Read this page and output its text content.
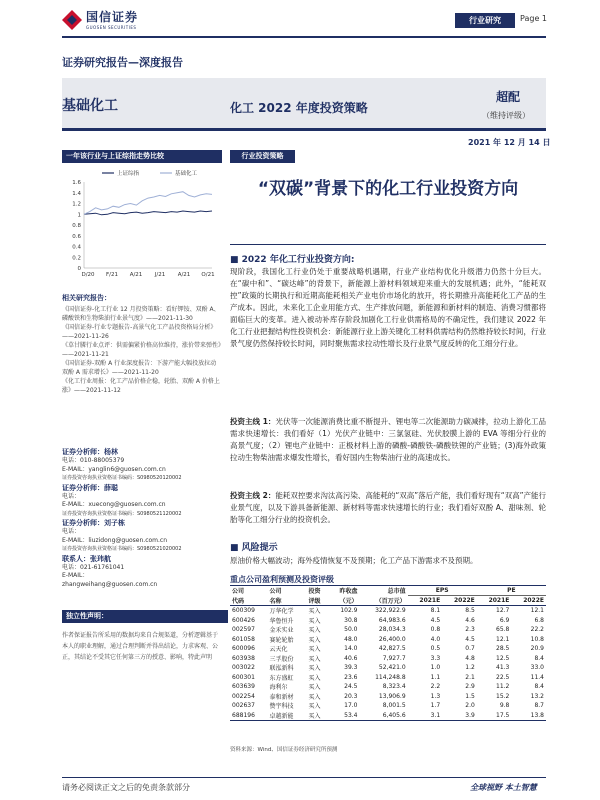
国信证券
GUOSEN SECURITIES
行业研究	Page 1
证券研究报告—深度报告
基础化工	化工 2022 年度投资策略
超配
（维持评级）
2021 年 12 月 14 日
一年该行业与上证综指走势比较
上证综指	基础化工
0
0.2
0.4
0.6
0.8
1
1.2
1.4
1.6
D/20 F/21 A/21 J/21 A/21 O/21
相关研究报告：
《国信证券-化工行业 12 月投资策略：看好钾铵、双酚 A、磷酸铁和生物柴油行业景气度》——2021-11-30
《国信证券-行业专题报告-高景气化工产品投资格局分析》——2021-11-26
《草甘膦行业点评：供需偏紧价格高位维持，涨价带来弹性》——2021-11-21
《国信证券-双酚 A 行业深度报告：下游产能大幅投放拉动双酚 A 需求增长》——2021-11-20
《化工行业周报：化工产品价格企稳，轮胎、双酚 A 价格上涨》——2021-11-12
证券分析师：杨林
电话：010-88005379
E-MAIL：yanglin6@guosen.com.cn
证券投资咨询执业资格证书编码：S0980520120002
证券分析师：薛聪
电话：
E-MAIL：xuecong@guosen.com.cn
证券投资咨询执业资格证书编码：S0980521120002
证券分析师：刘子栋
电话：
E-MAIL：liuzidong@guosen.com.cn
证券投资咨询执业资格证书编码：S0980521020002
联系人：张玮航
电话：021-61761041
E-MAIL：
zhangweihang@guosen.com.cn
独立性声明：
作者保证报告所采用的数据均来自合规渠道，分析逻辑基于本人的职业理解，通过合理判断并得出结论，力求客观、公正，其结论不受其它任何第三方的授意、影响，特此声明
行业投资策略
“双碳”背景下的化工行业投资方向
■ 2022 年化工行业投资方向:
现阶段，我国化工行业仍处于重要战略机遇期，行业产业结构优化升级潜力仍然十分巨大。在“碳中和”、“碳达峰”的背景下，新能源上游材料领域迎来重大的发展机遇；此外，“能耗双控”政策的长期执行和近期高能耗相关产业电价市场化的放开，将长期推升高能耗化工产品的生产成本。因此，未来化工企业用能方式、生产排放问题，新能源和新材料的制造、消费习惯都将面临巨大的变革。进入被动补库存阶段加剧化工行业供需格局的不确定性，我们建议 2022 年化工行业把握结构性投资机会：新能源行业上游关键化工材料供需结构仍然维持较长时间，行业景气度仍然保持较长时间，同时聚焦需求拉动性增长及行业景气度反转的化工细分行业。
投资主线 1：光伏等一次能源消费比重不断提升、锂电等二次能源助力碳减排，拉动上游化工品需求快速增长：我们看好（1）光伏产业链中：三氯氢硅、光伏胶膜上游的 EVA 等细分行业的高景气度；（2）锂电产业链中：正极材料上游的磷酸-磷酸铁-磷酸铁锂的产业链；(3)海外政策拉动生物柴油需求爆发性增长，看好国内生物柴油行业的高速成长。
投资主线 2：能耗双控要求沟汰高污染、高能耗的“双高”落后产能，我们看好现有“双高”产能行业景气度，以及下游具备新能源、新材料等需求快速增长的行业；我们看好双酚 A、甜味剂、轮胎等化工细分行业的投资机会。
■ 风险提示
原油价格大幅波动；海外疫情恢复不及预期；化工产品下游需求不及预期。
重点公司盈利预测及投资评级
公司	公司	投资	昨收盘	总市值	EPS		PE	
代码	名称	评级	（元）	（百万元）	2021E	2022E	2021E	2022E
600309	万华化学	买入	102.9	322,922.9	8.1	8.5	12.7	12.1
600426	华鲁恒升	买入	30.8	64,983.6	4.5	4.6	6.9	6.8
002597	金禾实业	买入	50.0	28,034.3	0.8	2.3	65.8	22.2
601058	赛轮轮胎	买入	48.0	26,400.0	4.0	4.5	12.1	10.8
600096	云天化	买入	14.0	42,827.5	0.5	0.7	28.5	20.9
603938	三孚股份	买入	40.6	7,927.7	3.3	4.8	12.5	8.4
003022	联泓新科	买入	39.3	52,421.0	1.0	1.2	41.3	33.0
600301	东方盛虹	买入	23.6	114,248.8	1.1	2.1	22.5	11.4
603639	海利尔	买入	24.5	8,323.4	2.2	2.9	11.2	8.4
002254	泰和新材	买入	20.3	13,906.9	1.3	1.5	15.2	13.2
002637	赞宇科技	买入	17.0	8,001.5	1.7	2.0	9.8	8.7
688196	卓越新能	买入	53.4	6,405.6	3.1	3.9	17.5	13.8
资料来源：Wind、国信证券经济研究所预测
请务必阅读正文之后的免责条款部分	全球视野 本土智慧
